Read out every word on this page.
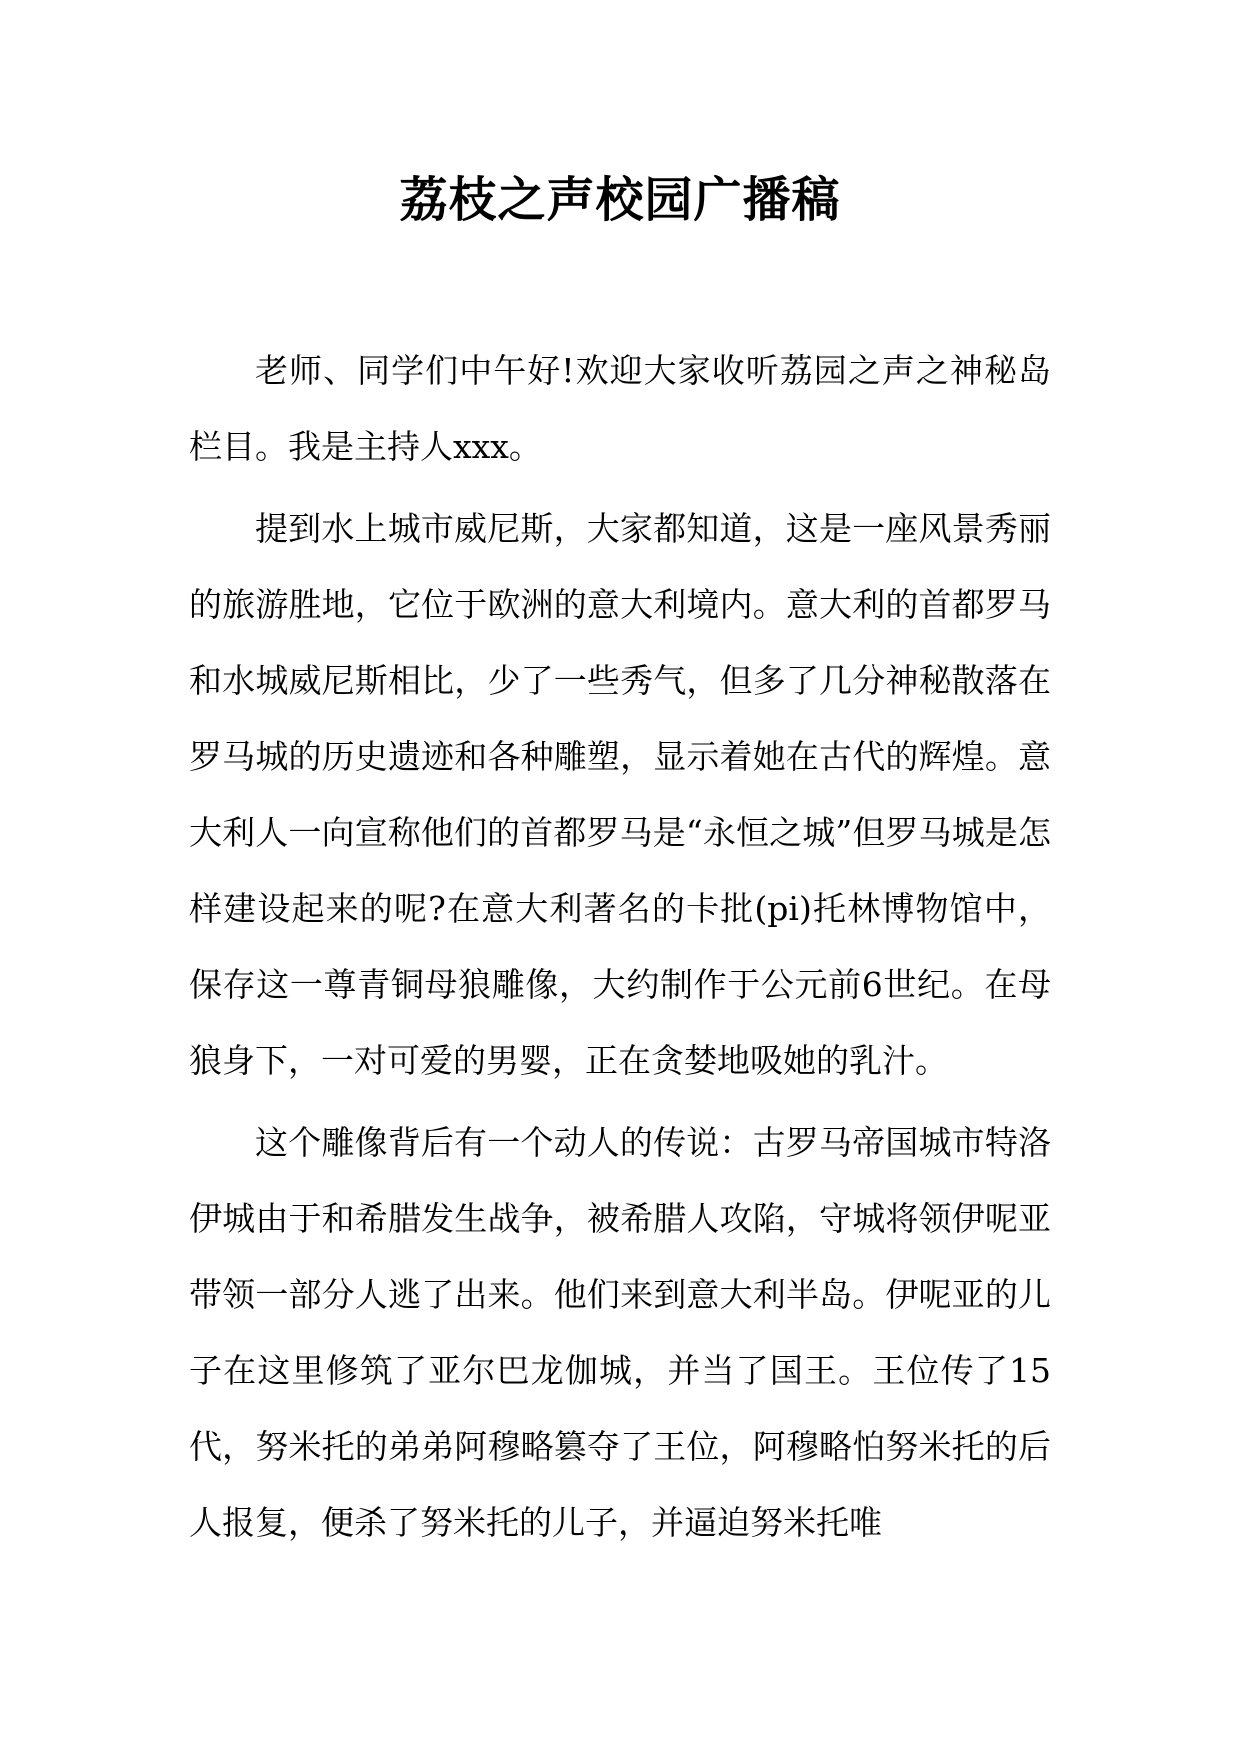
荔枝之声校园广播稿

老师、同学们中午好!欢迎大家收听荔园之声之神秘岛栏目。我是主持人xxx。

提到水上城市威尼斯，大家都知道，这是一座风景秀丽的旅游胜地，它位于欧洲的意大利境内。意大利的首都罗马和水城威尼斯相比，少了一些秀气，但多了几分神秘散落在罗马城的历史遗迹和各种雕塑，显示着她在古代的辉煌。意大利人一向宣称他们的首都罗马是“永恒之城”但罗马城是怎样建设起来的呢?在意大利著名的卡批(pi)托林博物馆中，保存这一尊青铜母狼雕像，大约制作于公元前6世纪。在母狼身下，一对可爱的男婴，正在贪婪地吸她的乳汁。

这个雕像背后有一个动人的传说：古罗马帝国城市特洛伊城由于和希腊发生战争，被希腊人攻陷，守城将领伊呢亚带领一部分人逃了出来。他们来到意大利半岛。伊呢亚的儿子在这里修筑了亚尔巴龙伽城，并当了国王。王位传了15代，努米托的弟弟阿穆略篡夺了王位，阿穆略怕努米托的后人报复，便杀了努米托的儿子，并逼迫努米托唯
